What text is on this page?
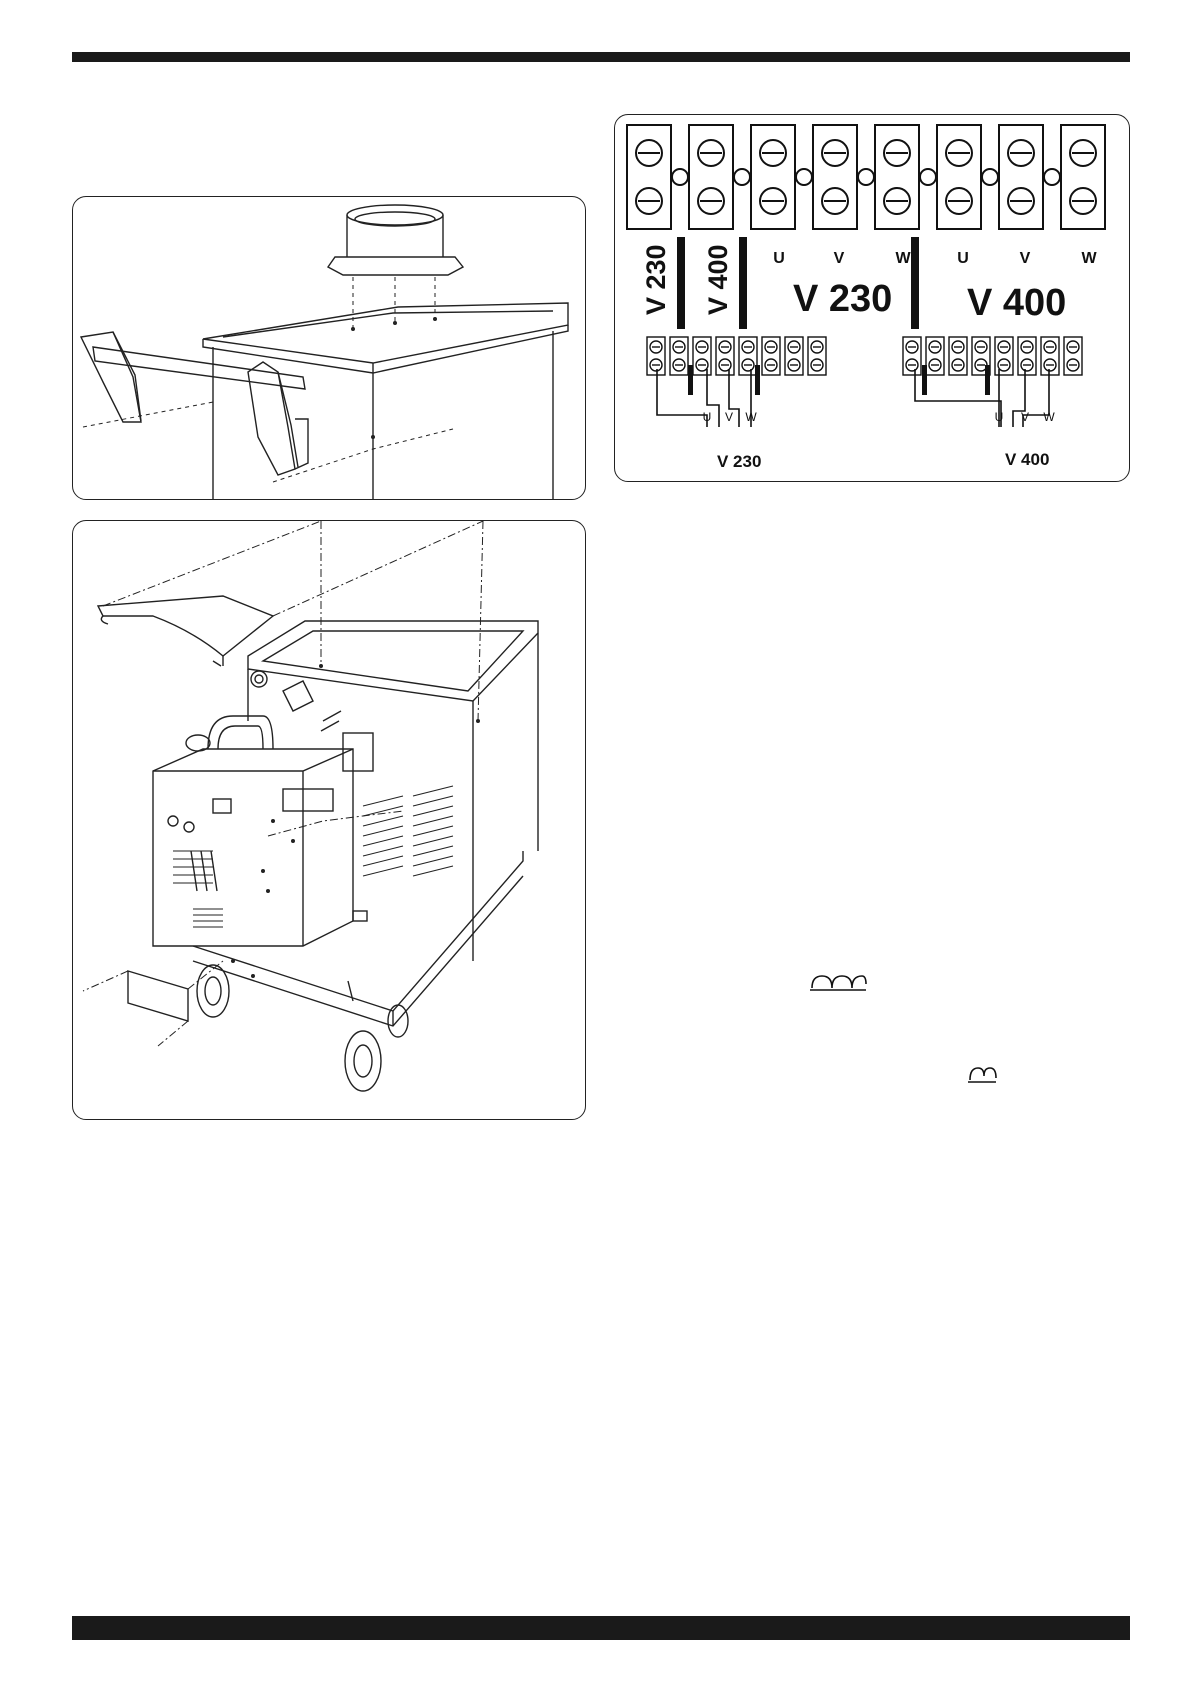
V 230 V 400	U	V	W	U	V	W
V 230 V 400
U V W	U V W
V 230	V 400
